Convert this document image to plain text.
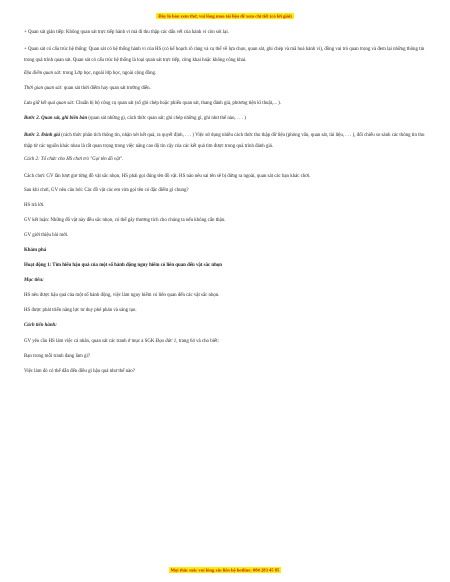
Đây là bản xem thử, vui lòng mua tài liệu để xem chi tiết (có lời giải)

+ Quan sát giản tiếp: Không quan sát trực tiếp hành vi mà đi thu thập các dấu vết của hành vi còn sót lại.

+ Quan sát có cấu trúc hệ thống: Quan sát có hệ thống hành vi của HS (có kế hoạch rõ ràng và cụ thể về lựa chọn, quan sát, ghi chép và mã hoá hành vi), đồng vai trò quan trọng và đem lại những thông tin trong quá trình quan sát. Quan sát có cấu trúc hệ thống là loại quan sát trực tiếp, công khai hoặc không công khai.

Địa điểm quan sát: trong Lớp học, ngoài lớp học, ngoài cộng đồng.

Thời gian quan sát: quan sát thời điểm hay quan sát trường diễn.

Lưu giữ kết quả quan sát: Chuẩn bị bộ công cụ quan sát (sổ ghi chép hoặc phiếu quan sát, thang đánh giá, phương tiện kĩ thuật,... ).

Bước 2. Quan sát, ghi biên bản (quan sát những gì, cách thức quan sát; ghi chép những gì, ghi như thế nào, . . . )

Bước 3. Đánh giá (cách thức phân tích thông tin, nhận xét kết quả, ra quyết định, . . . ) Việc sử dụng nhiều cách thức thu thập dữ liệu (phỏng vấn, quan sát, tài liệu, . . . ), đối chiếu so sánh các thông tin thu thập từ các nguồn khác nhau là rất quan trọng trong việc nâng cao độ tin cậy của các kết quả tìm được trong quá trình đánh giá.

Cách 2: Tổ chức cho HS chơi trò "Gọi tên đồ vật".

Cách chơi: GV lần lượt giơ từng đồ vật sắc nhọn, HS phải gọi đúng tên đồ vật. HS nào nêu sai tên sẽ bị đứng ra ngoài, quan sát các bạn khác chơi.

Sau khi chơi, GV nêu câu hỏi: Các đồ vật các em vừa gọi tên có đặc điểm gì chung?

HS trả lời.

GV kết luận: Những đồ vật này đều sắc nhọn, có thể gây thương tích cho chúng ta nếu không cẩn thận.

GV giới thiệu bài mới.

Khám phá

Hoạt động 1: Tìm hiểu hậu quả của một số hành động nguy hiểm có liên quan đến vật sắc nhọn

Mục tiêu:

HS nêu được hậu quả của một số hành động, việc làm nguy hiểm có liên quan đến các vật sắc nhọn.

HS được phát triển năng lực tư duy phê phán và sáng tạo.

Cách tiến hành:

GV yêu cầu HS làm việc cá nhân, quan sát các tranh ở mục a SGK Đạo đức 1, trang 64 và cho biết:

Bạn trong mỗi tranh đang làm gì?

Việc làm đó có thể dẫn đến điều gì hậu quả như thế nào?

Mọi thắc mắc vui lòng xin liên hệ hotline: 084 283 45 85
